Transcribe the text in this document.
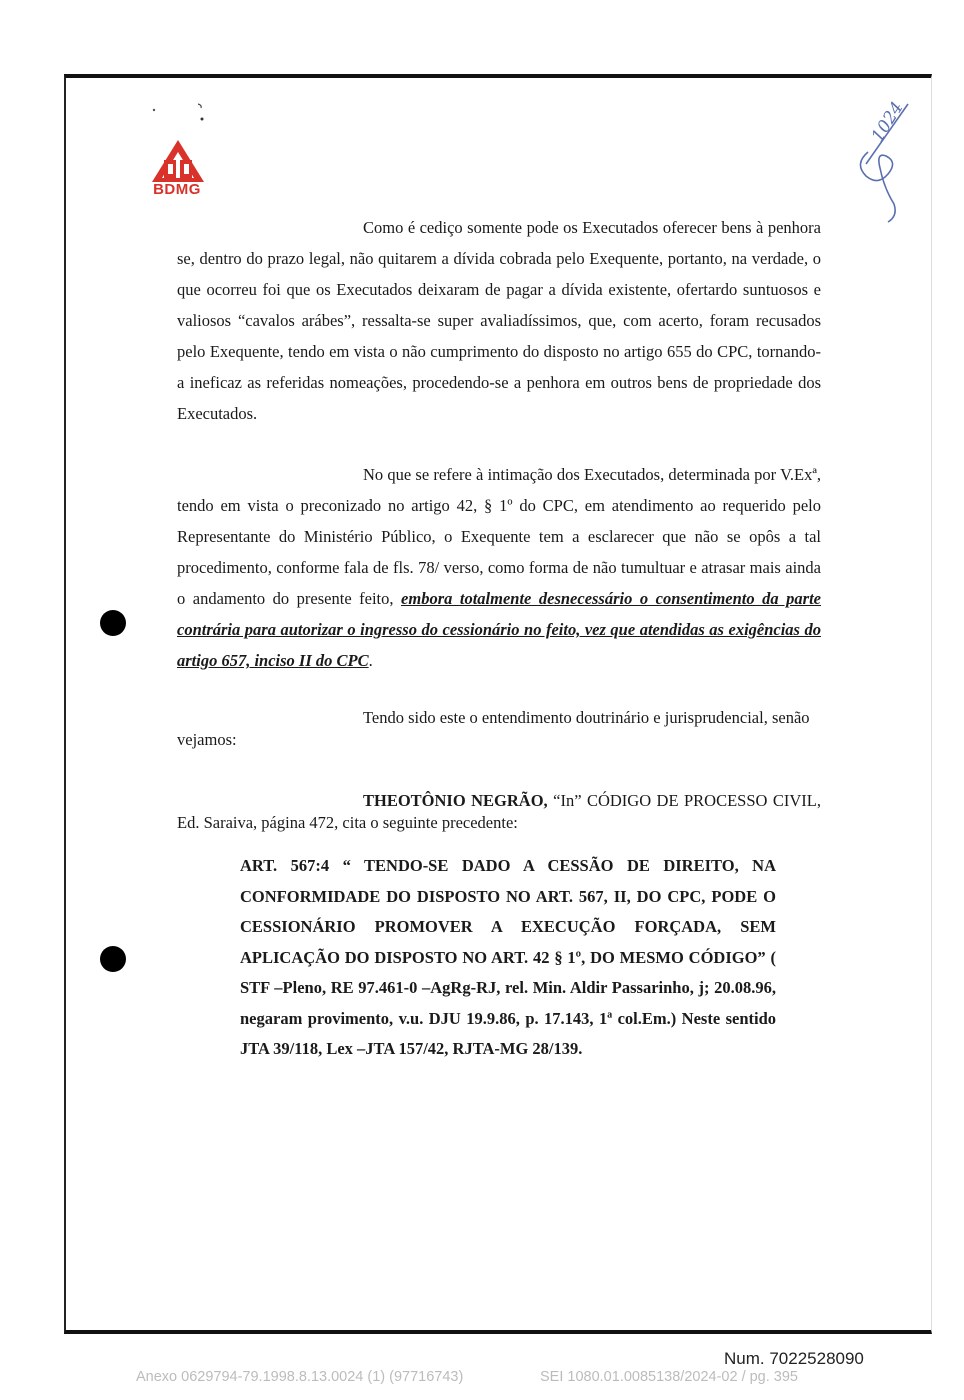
BDMG
1024

Como é cediço somente pode os Executados oferecer bens à penhora se, dentro do prazo legal, não quitarem a dívida cobrada pelo Exequente, portanto, na verdade, o que ocorreu foi que os Executados deixaram de pagar a dívida existente, ofertardo suntuosos e valiosos “cavalos arábes”, ressalta-se super avaliadíssimos, que, com acerto, foram recusados pelo Exequente, tendo em vista o não cumprimento do disposto no artigo 655 do CPC, tornando-a ineficaz as referidas nomeações, procedendo-se a penhora em outros bens de propriedade dos Executados.

No que se refere à intimação dos Executados, determinada por V.Exª, tendo em vista o preconizado no artigo 42, § 1º do CPC, em atendimento ao requerido pelo Representante do Ministério Público, o Exequente tem a esclarecer que não se opôs a tal procedimento, conforme fala de fls. 78/ verso, como forma de não tumultuar e atrasar mais ainda o andamento do presente feito, embora totalmente desnecessário o consentimento da parte contrária para autorizar o ingresso do cessionário no feito, vez que atendidas as exigências do artigo 657, inciso II do CPC.

Tendo sido este o entendimento doutrinário e jurisprudencial, senão vejamos:

THEOTÔNIO NEGRÃO, “In” CÓDIGO DE PROCESSO CIVIL, Ed. Saraiva, página 472, cita o seguinte precedente:

ART. 567:4 “ TENDO-SE DADO A CESSÃO DE DIREITO, NA CONFORMIDADE DO DISPOSTO NO ART. 567, II, DO CPC, PODE O CESSIONÁRIO PROMOVER A EXECUÇÃO FORÇADA, SEM APLICAÇÃO DO DISPOSTO NO ART. 42 § 1º, DO MESMO CÓDIGO” ( STF –Pleno, RE 97.461-0 –AgRg-RJ, rel. Min. Aldir Passarinho, j; 20.08.96, negaram provimento, v.u. DJU 19.9.86, p. 17.143, 1ª col.Em.) Neste sentido JTA 39/118, Lex –JTA 157/42, RJTA-MG 28/139.

Num. 7022528090
Anexo 0629794-79.1998.8.13.0024 (1) (97716743)	SEI 1080.01.0085138/2024-02 / pg. 395
